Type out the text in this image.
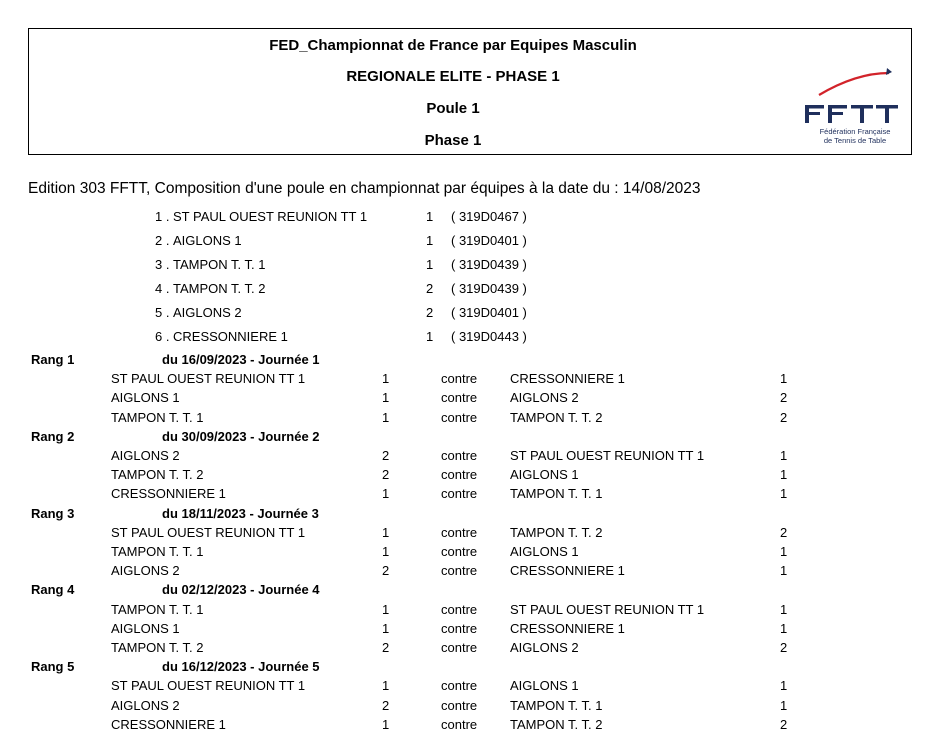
FED_Championnat de France par Equipes Masculin
REGIONALE ELITE - PHASE 1
Poule 1
Phase 1
Fédération Française
de Tennis de Table
Edition 303 FFTT, Composition d'une poule en championnat par équipes à la date du : 14/08/2023
1 . ST PAUL OUEST REUNION TT 1	1 ( 319D0467 )
2 . AIGLONS 1	1 ( 319D0401 )
3 . TAMPON T. T. 1	1 ( 319D0439 )
4 . TAMPON T. T. 2	2 ( 319D0439 )
5 . AIGLONS 2	2 ( 319D0401 )
6 . CRESSONNIERE 1	1 ( 319D0443 )
Rang 1	du 16/09/2023 - Journée 1
ST PAUL OUEST REUNION TT 1	1	contre	CRESSONNIERE 1	1
AIGLONS 1	1	contre	AIGLONS 2	2
TAMPON T. T. 1	1	contre	TAMPON T. T. 2	2
Rang 2	du 30/09/2023 - Journée 2
AIGLONS 2	2	contre	ST PAUL OUEST REUNION TT 1	1
TAMPON T. T. 2	2	contre	AIGLONS 1	1
CRESSONNIERE 1	1	contre	TAMPON T. T. 1	1
Rang 3	du 18/11/2023 - Journée 3
ST PAUL OUEST REUNION TT 1	1	contre	TAMPON T. T. 2	2
TAMPON T. T. 1	1	contre	AIGLONS 1	1
AIGLONS 2	2	contre	CRESSONNIERE 1	1
Rang 4	du 02/12/2023 - Journée 4
TAMPON T. T. 1	1	contre	ST PAUL OUEST REUNION TT 1	1
AIGLONS 1	1	contre	CRESSONNIERE 1	1
TAMPON T. T. 2	2	contre	AIGLONS 2	2
Rang 5	du 16/12/2023 - Journée 5
ST PAUL OUEST REUNION TT 1	1	contre	AIGLONS 1	1
AIGLONS 2	2	contre	TAMPON T. T. 1	1
CRESSONNIERE 1	1	contre	TAMPON T. T. 2	2
